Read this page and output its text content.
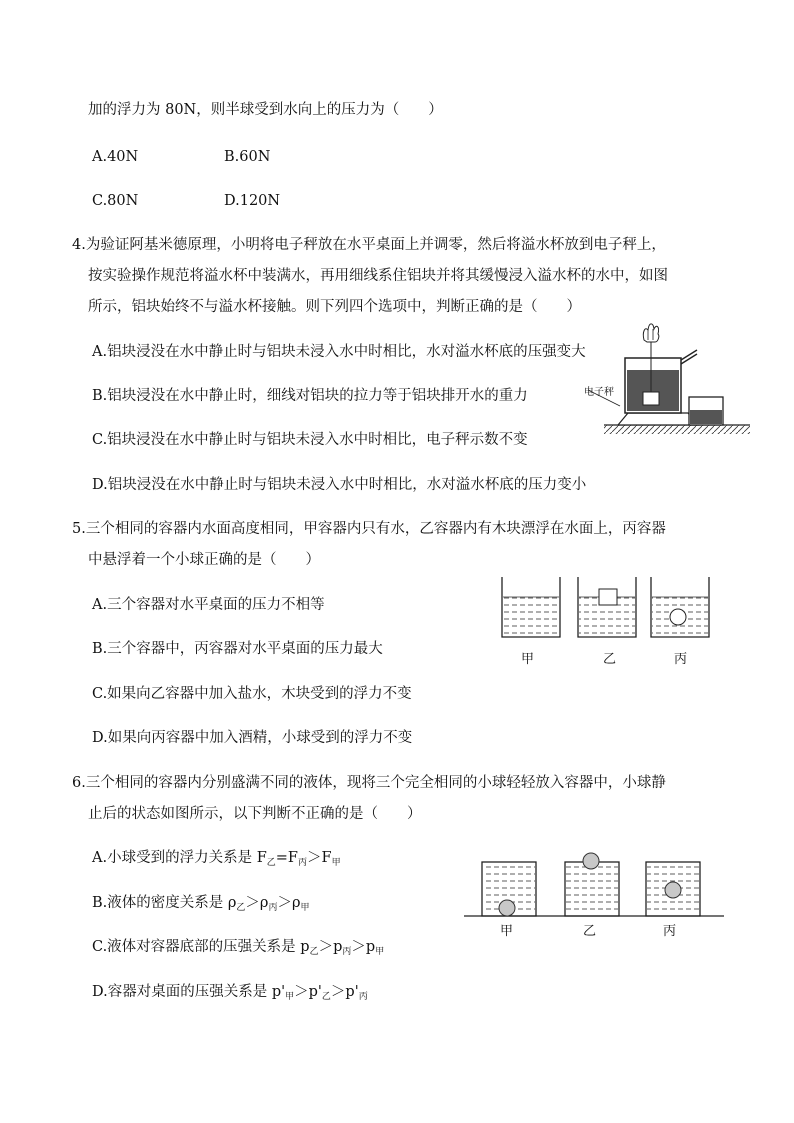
加的浮力为 80N，则半球受到水向上的压力为（　　）
A.40N	B.60N
C.80N	D.120N
4.为验证阿基米德原理，小明将电子秤放在水平桌面上并调零，然后将溢水杯放到电子秤上，
按实验操作规范将溢水杯中装满水，再用细线系住铝块并将其缓慢浸入溢水杯的水中，如图
所示，铝块始终不与溢水杯接触。则下列四个选项中，判断正确的是（　　）
A.铝块浸没在水中静止时与铝块未浸入水中时相比，水对溢水杯底的压强变大
B.铝块浸没在水中静止时，细线对铝块的拉力等于铝块排开水的重力
C.铝块浸没在水中静止时与铝块未浸入水中时相比，电子秤示数不变
D.铝块浸没在水中静止时与铝块未浸入水中时相比，水对溢水杯底的压力变小
电子秤
5.三个相同的容器内水面高度相同，甲容器内只有水，乙容器内有木块漂浮在水面上，丙容器
中悬浮着一个小球正确的是（　　）
A.三个容器对水平桌面的压力不相等
B.三个容器中，丙容器对水平桌面的压力最大
C.如果向乙容器中加入盐水，木块受到的浮力不变
D.如果向丙容器中加入酒精，小球受到的浮力不变
甲	乙	丙
6.三个相同的容器内分别盛满不同的液体，现将三个完全相同的小球轻轻放入容器中，小球静
止后的状态如图所示，以下判断不正确的是（　　）
A.小球受到的浮力关系是 $F_乙=F_丙>F_甲$
B.液体的密度关系是 $\rho_乙>\rho_丙>\rho_甲$
C.液体对容器底部的压强关系是 $p_乙>p_丙>p_甲$
D.容器对桌面的压强关系是 $p'_甲>p'_乙>p'_丙$
甲	乙	丙
